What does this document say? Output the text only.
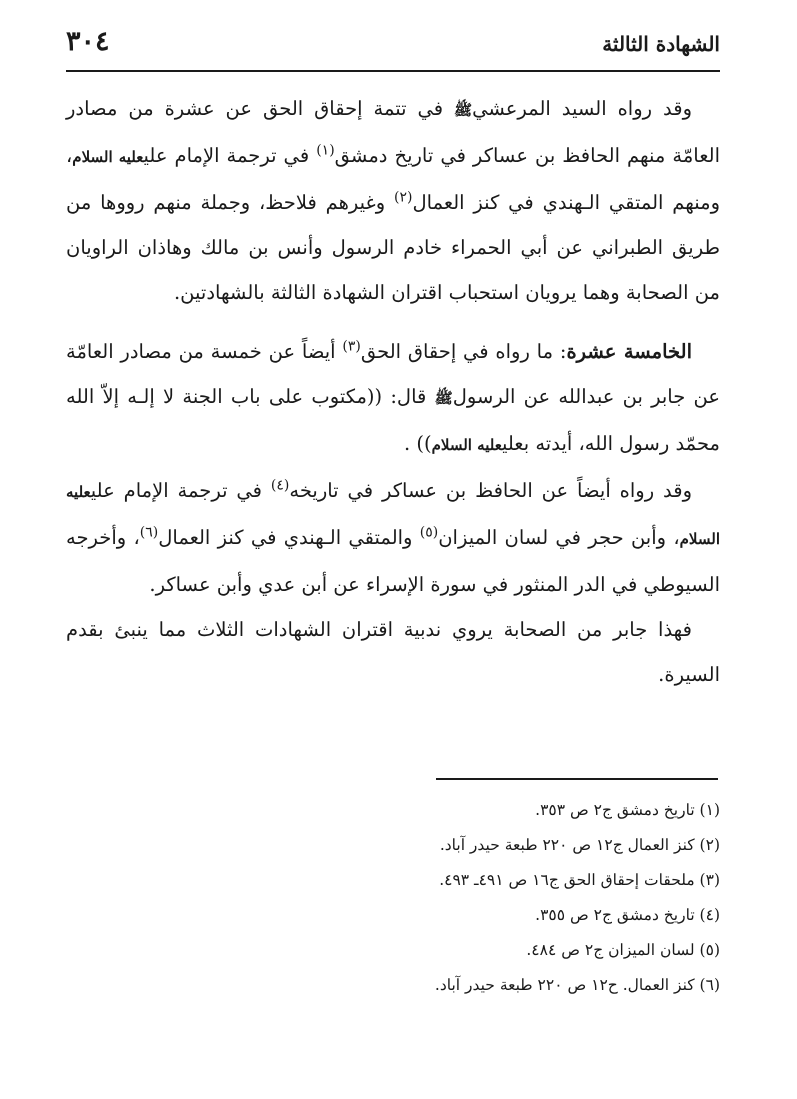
الشهادة الثالثة
٣٠٤

وقد رواه السيد المرعشيﷺ في تتمة إحقاق الحق عن عشرة من مصادر العامّة منهم الحافظ بن عساكر في تاريخ دمشق$^{(١)}$ في ترجمة الإمام عليعليه السلام، ومنهم المتقي الـهندي في كنز العمال$^{(٢)}$ وغيرهم فلاحظ، وجملة منهم رووها من طريق الطبراني عن أبي الحمراء خادم الرسول وأنس بن مالك وهاذان الراويان من الصحابة وهما يرويان استحباب اقتران الشهادة الثالثة بالشهادتين.

الخامسة عشرة: ما رواه في إحقاق الحق$^{(٣)}$ أيضاً عن خمسة من مصادر العامّة عن جابر بن عبدالله عن الرسولﷺ قال: ((مكتوب على باب الجنة لا إلـه إلاّ الله محمّد رسول الله، أيدته بعليعليه السلام)) .

وقد رواه أيضاً عن الحافظ بن عساكر في تاريخه$^{(٤)}$ في ترجمة الإمام عليعليه السلام، وأبن حجر في لسان الميزان$^{(٥)}$ والمتقي الـهندي في كنز العمال$^{(٦)}$، وأخرجه السيوطي في الدر المنثور في سورة الإسراء عن أبن عدي وأبن عساكر.

فهذا جابر من الصحابة يروي ندبية اقتران الشهادات الثلاث مما ينبئ بقدم السيرة.

(١) تاريخ دمشق ج٢ ص ٣٥٣.
(٢) كنز العمال ج١٢ ص ٢٢٠ طبعة حيدر آباد.
(٣) ملحقات إحقاق الحق ج١٦ ص ٤٩١ـ ٤٩٣.
(٤) تاريخ دمشق ج٢ ص ٣٥٥.
(٥) لسان الميزان ج٢ ص ٤٨٤.
(٦) كنز العمال. ح١٢ ص ٢٢٠ طبعة حيدر آباد.
